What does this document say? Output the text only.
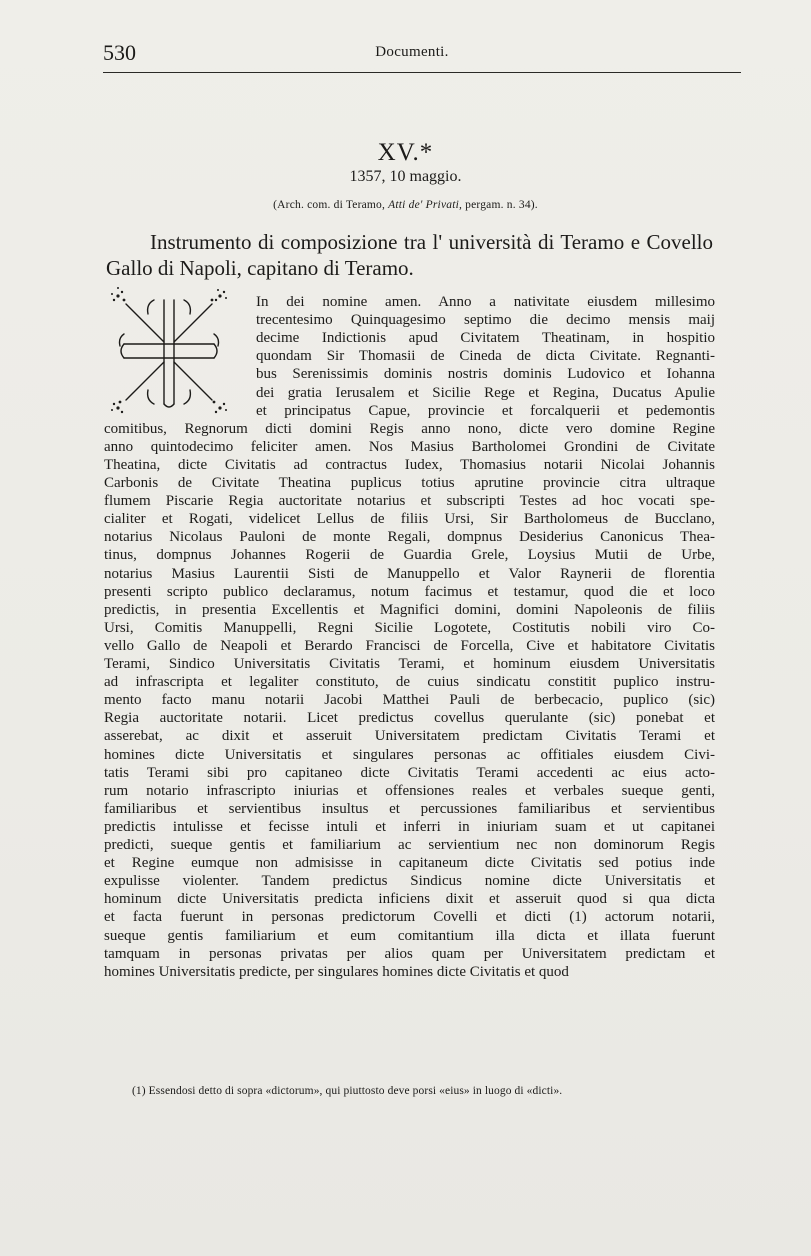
530	Documenti.
XV.*
1357, 10 maggio.
(Arch. com. di Teramo, Atti de' Privati, pergam. n. 34).
Instrumento di composizione tra l' università di Teramo e Covello Gallo di Napoli, capitano di Teramo.
In dei nomine amen. Anno a nativitate eiusdem millesimo
trecentesimo Quinquagesimo septimo die decimo mensis maij
decime Indictionis apud Civitatem Theatinam, in hospitio
quondam Sir Thomasii de Cineda de dicta Civitate. Regnanti-
bus Serenissimis dominis nostris dominis Ludovico et Iohanna
dei gratia Ierusalem et Sicilie Rege et Regina, Ducatus Apulie
et principatus Capue, provincie et forcalquerii et pedemontis
comitibus, Regnorum dicti domini Regis anno nono, dicte vero domine Regine
anno quintodecimo feliciter amen. Nos Masius Bartholomei Grondini de Civitate
Theatina, dicte Civitatis ad contractus Iudex, Thomasius notarii Nicolai Johannis
Carbonis de Civitate Theatina puplicus totius aprutine provincie citra ultraque
flumem Piscarie Regia auctoritate notarius et subscripti Testes ad hoc vocati spe-
cialiter et Rogati, videlicet Lellus de filiis Ursi, Sir Bartholomeus de Bucclano,
notarius Nicolaus Pauloni de monte Regali, dompnus Desiderius Canonicus Thea-
tinus, dompnus Johannes Rogerii de Guardia Grele, Loysius Mutii de Urbe,
notarius Masius Laurentii Sisti de Manuppello et Valor Raynerii de florentia
presenti scripto publico declaramus, notum facimus et testamur, quod die et loco
predictis, in presentia Excellentis et Magnifici domini, domini Napoleonis de filiis
Ursi, Comitis Manuppelli, Regni Sicilie Logotete, Costitutis nobili viro Co-
vello Gallo de Neapoli et Berardo Francisci de Forcella, Cive et habitatore Civitatis
Terami, Sindico Universitatis Civitatis Terami, et hominum eiusdem Universitatis
ad infrascripta et legaliter constituto, de cuius sindicatu constitit puplico instru-
mento facto manu notarii Jacobi Matthei Pauli de berbecacio, puplico (sic)
Regia auctoritate notarii. Licet predictus covellus querulante (sic) ponebat et
asserebat, ac dixit et asseruit Universitatem predictam Civitatis Terami et
homines dicte Universitatis et singulares personas ac offitiales eiusdem Civi-
tatis Terami sibi pro capitaneo dicte Civitatis Terami accedenti ac eius acto-
rum notario infrascripto iniurias et offensiones reales et verbales sueque genti,
familiaribus et servientibus insultus et percussiones familiaribus et servientibus
predictis intulisse et fecisse intuli et inferri in iniuriam suam et ut capitanei
predicti, sueque gentis et familiarium ac servientium nec non dominorum Regis
et Regine eumque non admisisse in capitaneum dicte Civitatis sed potius inde
expulisse violenter. Tandem predictus Sindicus nomine dicte Universitatis et
hominum dicte Universitatis predicta inficiens dixit et asseruit quod si qua dicta
et facta fuerunt in personas predictorum Covelli et dicti (1) actorum notarii,
sueque gentis familiarium et eum comitantium illa dicta et illata fuerunt
tamquam in personas privatas per alios quam per Universitatem predictam et
homines Universitatis predicte, per singulares homines dicte Civitatis et quod
(1) Essendosi detto di sopra «dictorum», qui piuttosto deve porsi «eius» in luogo di «dicti».
